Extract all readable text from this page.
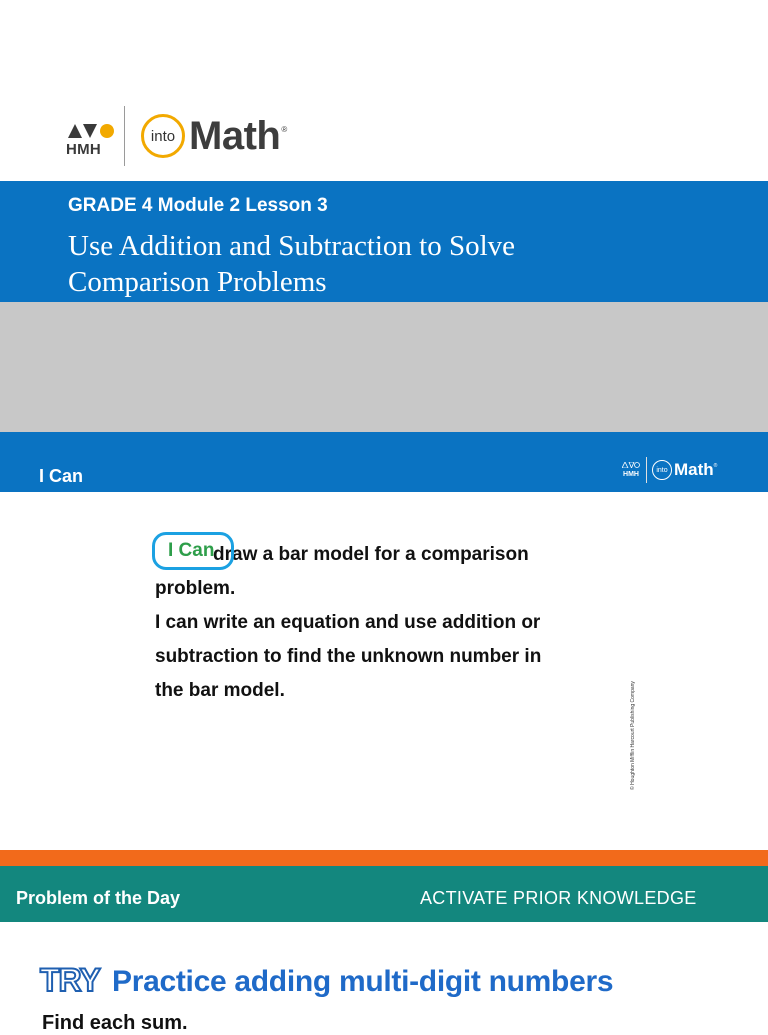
HMH
into Math ®
GRADE 4 Module 2 Lesson 3
Use Addition and Subtraction to Solve
Comparison Problems
I Can	HMH
into Math ®
draw a bar model for a comparison
problem.
I can write an equation and use addition or
subtraction to find the unknown number in
the bar model.
I Can
© Houghton Mifflin Harcourt Publishing Company
Problem of the Day	ACTIVATE PRIOR KNOWLEDGE
TRY Practice adding multi-digit numbers
Find each sum.
